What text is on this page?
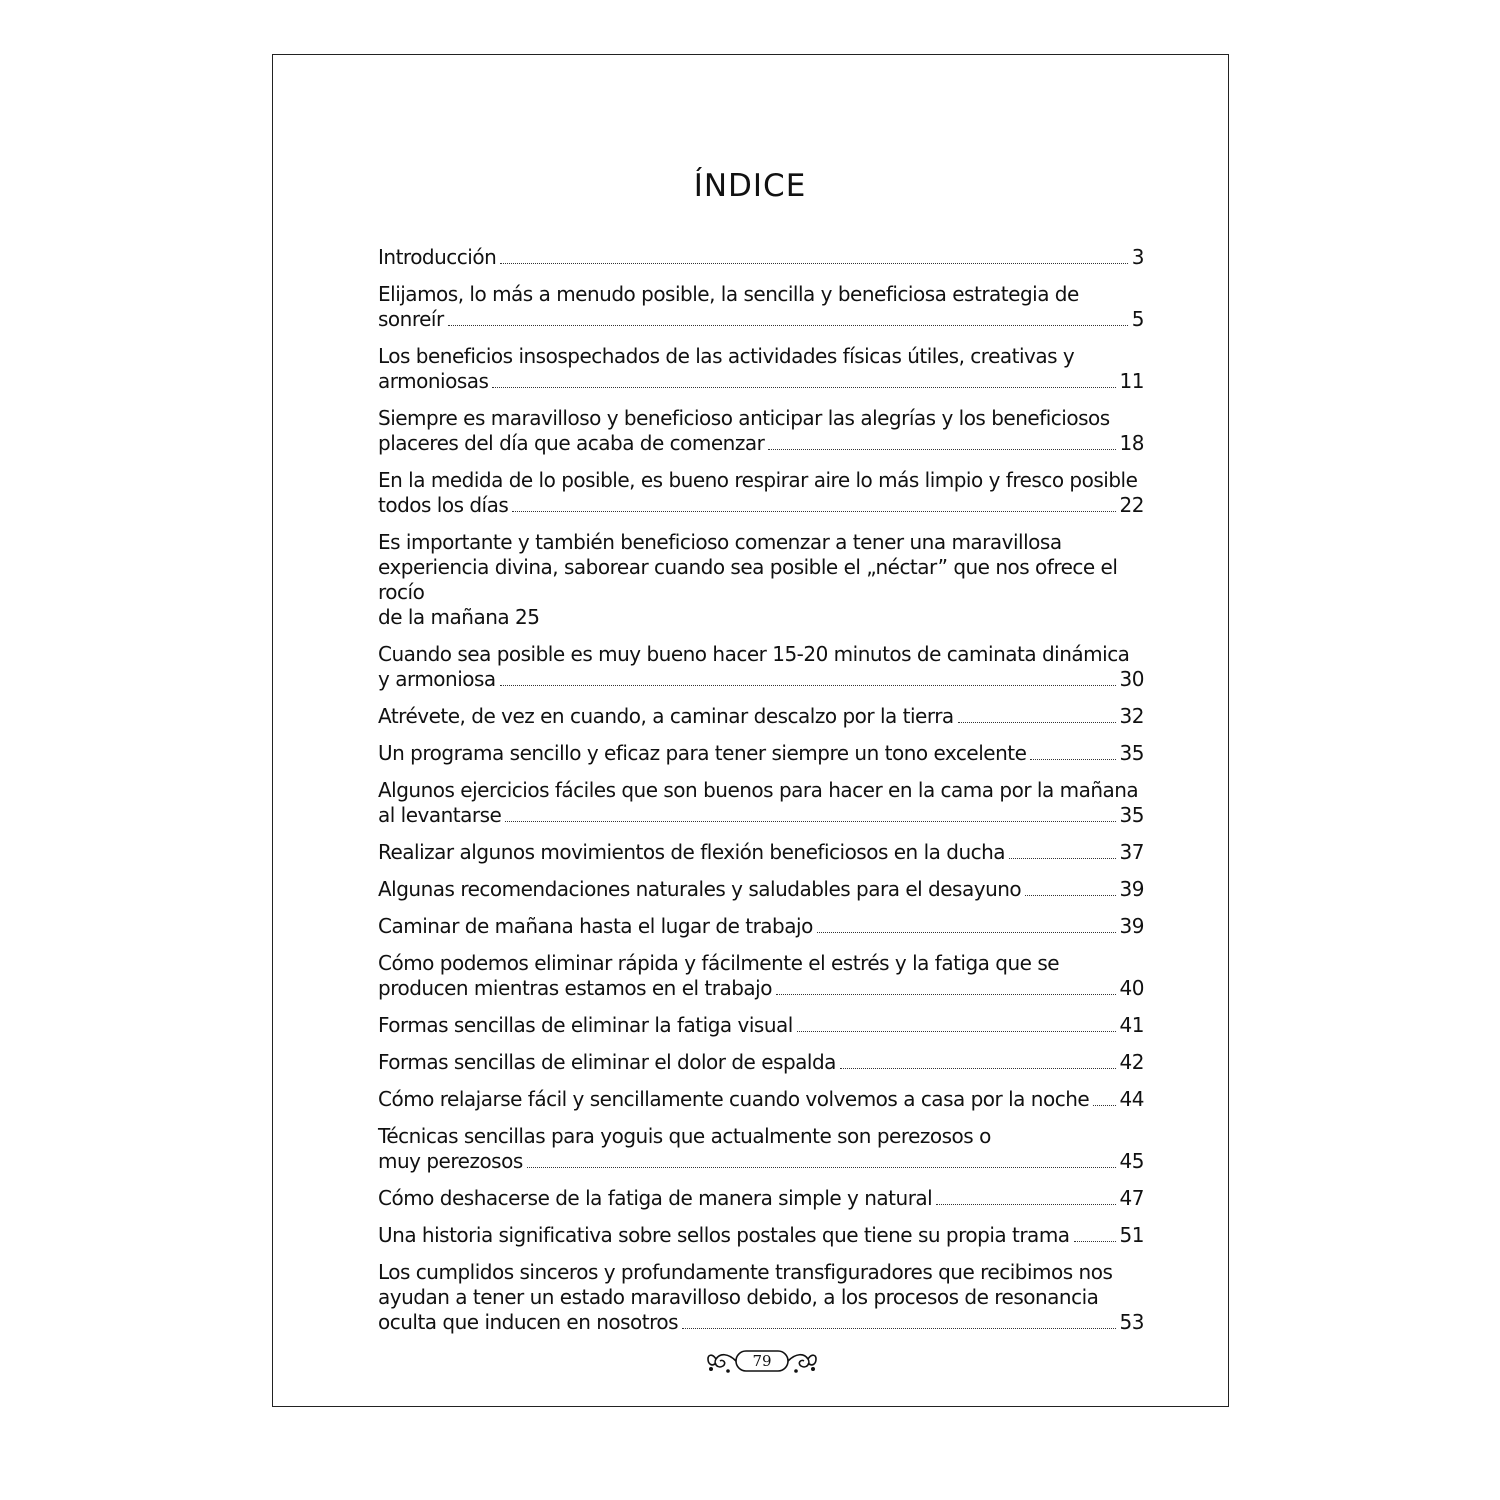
ÍNDICE
Introducción	3
Elijamos, lo más a menudo posible, la sencilla y beneficiosa estrategia de
sonreír	5
Los beneficios insospechados de las actividades físicas útiles, creativas y
armoniosas	11
Siempre es maravilloso y beneficioso anticipar las alegrías y los beneficiosos
placeres del día que acaba de comenzar	18
En la medida de lo posible, es bueno respirar aire lo más limpio y fresco posible
todos los días	22
Es importante y también beneficioso comenzar a tener una maravillosa
experiencia divina, saborear cuando sea posible el „néctar” que nos ofrece el rocío
de la mañana 25
Cuando sea posible es muy bueno hacer 15-20 minutos de caminata dinámica
y armoniosa	30
Atrévete, de vez en cuando, a caminar descalzo por la tierra	32
Un programa sencillo y eficaz para tener siempre un tono excelente	35
Algunos ejercicios fáciles que son buenos para hacer en la cama por la mañana
al levantarse	35
Realizar algunos movimientos de flexión beneficiosos en la ducha	37
Algunas recomendaciones naturales y saludables para el desayuno	39
Caminar de mañana hasta el lugar de trabajo	39
Cómo podemos eliminar rápida y fácilmente el estrés y la fatiga que se
producen mientras estamos en el trabajo	40
Formas sencillas de eliminar la fatiga visual	41
Formas sencillas de eliminar el dolor de espalda	42
Cómo relajarse fácil y sencillamente cuando volvemos a casa por la noche 44
Técnicas sencillas para yoguis que actualmente son perezosos o
muy perezosos	45
Cómo deshacerse de la fatiga de manera simple y natural	47
Una historia significativa sobre sellos postales que tiene su propia trama 51
Los cumplidos sinceros y profundamente transfiguradores que recibimos nos
ayudan a tener un estado maravilloso debido, a los procesos de resonancia
oculta que inducen en nosotros	53
79
